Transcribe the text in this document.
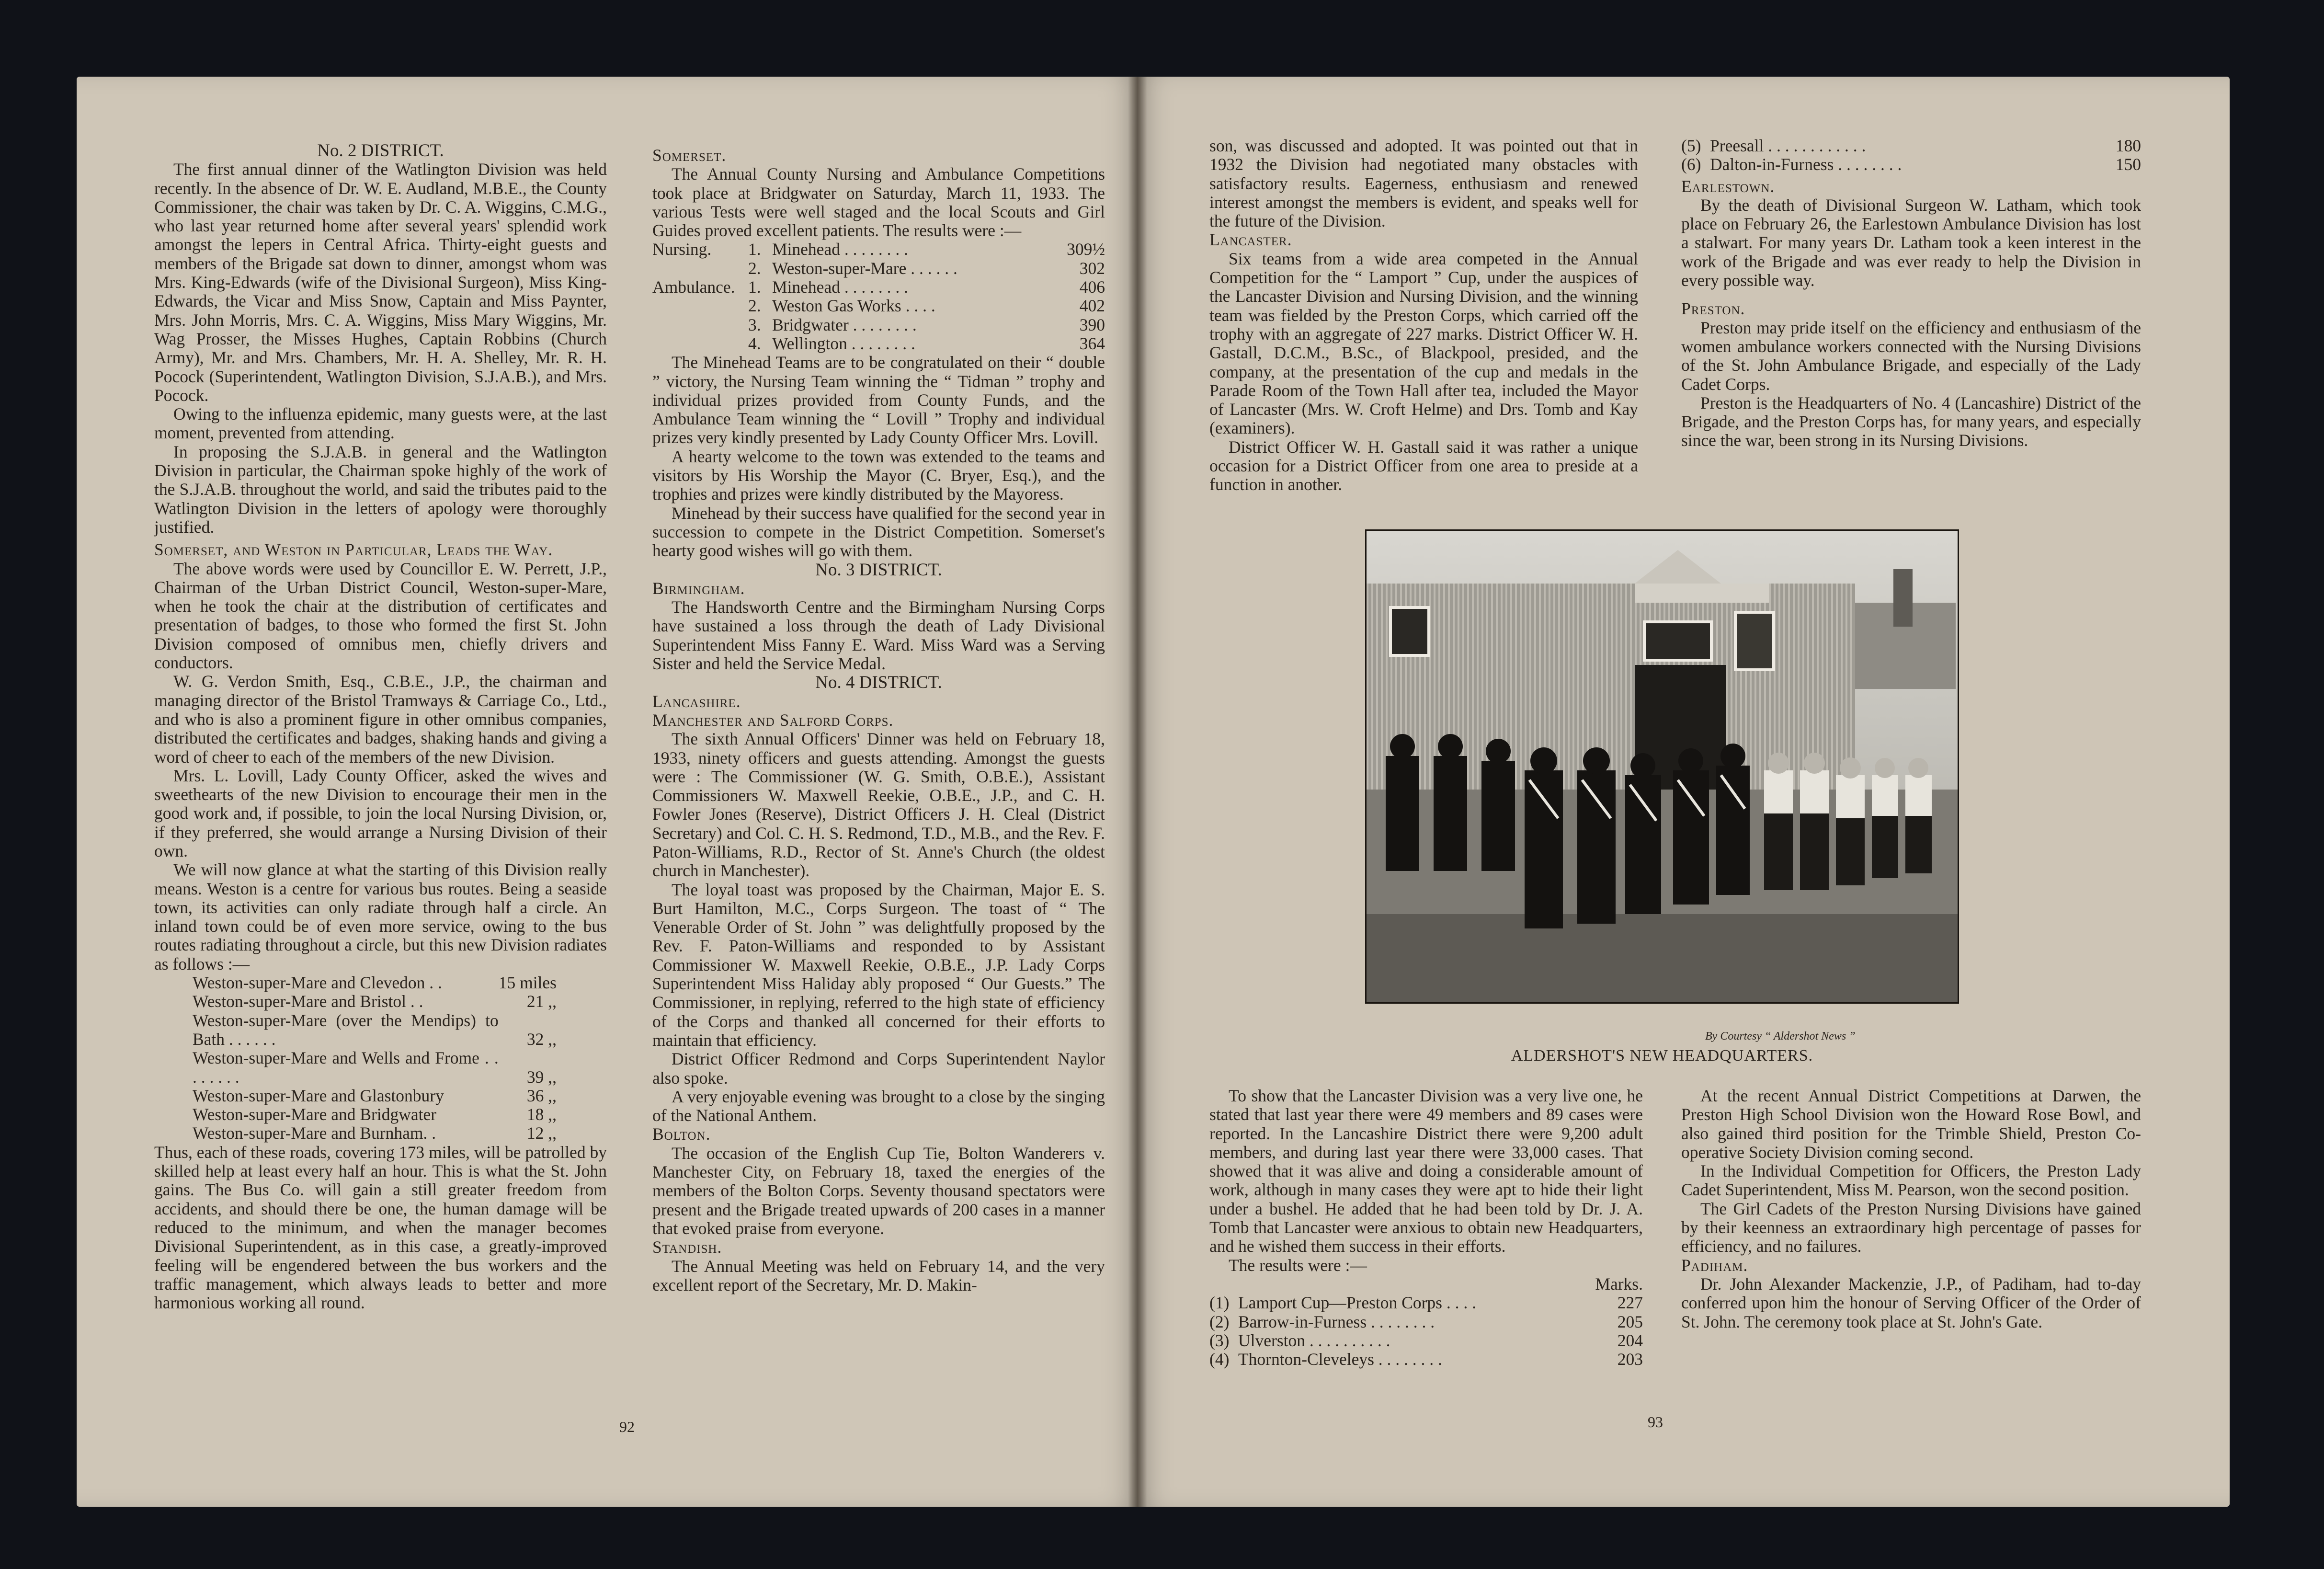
No. 2 DISTRICT.

The first annual dinner of the Watlington Division was held recently. In the absence of Dr. W. E. Audland, M.B.E., the County Commissioner, the chair was taken by Dr. C. A. Wiggins, C.M.G., who last year returned home after several years' splendid work amongst the lepers in Central Africa. Thirty-eight guests and members of the Brigade sat down to dinner, amongst whom was Mrs. King-Edwards (wife of the Divisional Surgeon), Miss King-Edwards, the Vicar and Miss Snow, Captain and Miss Paynter, Mrs. John Morris, Mrs. C. A. Wiggins, Miss Mary Wiggins, Mr. Wag Prosser, the Misses Hughes, Captain Robbins (Church Army), Mr. and Mrs. Chambers, Mr. H. A. Shelley, Mr. R. H. Pocock (Superintendent, Watlington Division, S.J.A.B.), and Mrs. Pocock.

Owing to the influenza epidemic, many guests were, at the last moment, prevented from attending.

In proposing the S.J.A.B. in general and the Watlington Division in particular, the Chairman spoke highly of the work of the S.J.A.B. throughout the world, and said the tributes paid to the Watlington Division in the letters of apology were thoroughly justified.

Somerset, and Weston in Particular, Leads the Way.

The above words were used by Councillor E. W. Perrett, J.P., Chairman of the Urban District Council, Weston-super-Mare, when he took the chair at the distribution of certificates and presentation of badges, to those who formed the first St. John Division composed of omnibus men, chiefly drivers and conductors.

W. G. Verdon Smith, Esq., C.B.E., J.P., the chairman and managing director of the Bristol Tramways & Carriage Co., Ltd., and who is also a prominent figure in other omnibus companies, distributed the certificates and badges, shaking hands and giving a word of cheer to each of the members of the new Division.

Mrs. L. Lovill, Lady County Officer, asked the wives and sweethearts of the new Division to encourage their men in the good work and, if possible, to join the local Nursing Division, or, if they preferred, she would arrange a Nursing Division of their own.

We will now glance at what the starting of this Division really means. Weston is a centre for various bus routes. Being a seaside town, its activities can only radiate through half a circle. An inland town could be of even more service, owing to the bus routes radiating throughout a circle, but this new Division radiates as follows :—

Weston-super-Mare and Clevedon . .	15 miles
Weston-super-Mare and Bristol . .	21 ,,
Weston-super-Mare (over the Mendips) to Bath . . . . . .	32 ,,
Weston-super-Mare and Wells and Frome . . . . . . . .	39 ,,
Weston-super-Mare and Glastonbury	36 ,,
Weston-super-Mare and Bridgwater	18 ,,
Weston-super-Mare and Burnham. .	12 ,,

Thus, each of these roads, covering 173 miles, will be patrolled by skilled help at least every half an hour. This is what the St. John gains. The Bus Co. will gain a still greater freedom from accidents, and should there be one, the human damage will be reduced to the minimum, and when the manager becomes Divisional Superintendent, as in this case, a greatly-improved feeling will be engendered between the bus workers and the traffic management, which always leads to better and more harmonious working all round.

Somerset.

The Annual County Nursing and Ambulance Competitions took place at Bridgwater on Saturday, March 11, 1933. The various Tests were well staged and the local Scouts and Girl Guides proved excellent patients. The results were :—

Nursing.	1.	Minehead . . . . . . . .	309½
	2.	Weston-super-Mare . . . . . .	302
Ambulance.	1.	Minehead . . . . . . . .	406
	2.	Weston Gas Works . . . .	402
	3.	Bridgwater . . . . . . . .	390
	4.	Wellington . . . . . . . .	364

The Minehead Teams are to be congratulated on their “ double ” victory, the Nursing Team winning the “ Tidman ” trophy and individual prizes provided from County Funds, and the Ambulance Team winning the “ Lovill ” Trophy and individual prizes very kindly presented by Lady County Officer Mrs. Lovill.

A hearty welcome to the town was extended to the teams and visitors by His Worship the Mayor (C. Bryer, Esq.), and the trophies and prizes were kindly distributed by the Mayoress.

Minehead by their success have qualified for the second year in succession to compete in the District Competition. Somerset's hearty good wishes will go with them.

No. 3 DISTRICT.

Birmingham.

The Handsworth Centre and the Birmingham Nursing Corps have sustained a loss through the death of Lady Divisional Superintendent Miss Fanny E. Ward. Miss Ward was a Serving Sister and held the Service Medal.

No. 4 DISTRICT.

Lancashire.

Manchester and Salford Corps.

The sixth Annual Officers' Dinner was held on February 18, 1933, ninety officers and guests attending. Amongst the guests were : The Commissioner (W. G. Smith, O.B.E.), Assistant Commissioners W. Maxwell Reekie, O.B.E., J.P., and C. H. Fowler Jones (Reserve), District Officers J. H. Cleal (District Secretary) and Col. C. H. S. Redmond, T.D., M.B., and the Rev. F. Paton-Williams, R.D., Rector of St. Anne's Church (the oldest church in Manchester).

The loyal toast was proposed by the Chairman, Major E. S. Burt Hamilton, M.C., Corps Surgeon. The toast of “ The Venerable Order of St. John ” was delightfully proposed by the Rev. F. Paton-Williams and responded to by Assistant Commissioner W. Maxwell Reekie, O.B.E., J.P. Lady Corps Superintendent Miss Haliday ably proposed “ Our Guests.” The Commissioner, in replying, referred to the high state of efficiency of the Corps and thanked all concerned for their efforts to maintain that efficiency.

District Officer Redmond and Corps Superintendent Naylor also spoke.

A very enjoyable evening was brought to a close by the singing of the National Anthem.

Bolton.

The occasion of the English Cup Tie, Bolton Wanderers v. Manchester City, on February 18, taxed the energies of the members of the Bolton Corps. Seventy thousand spectators were present and the Brigade treated upwards of 200 cases in a manner that evoked praise from everyone.

Standish.

The Annual Meeting was held on February 14, and the very excellent report of the Secretary, Mr. D. Makin-

92

son, was discussed and adopted. It was pointed out that in 1932 the Division had negotiated many obstacles with satisfactory results. Eagerness, enthusiasm and renewed interest amongst the members is evident, and speaks well for the future of the Division.

Lancaster.

Six teams from a wide area competed in the Annual Competition for the “ Lamport ” Cup, under the auspices of the Lancaster Division and Nursing Division, and the winning team was fielded by the Preston Corps, which carried off the trophy with an aggregate of 227 marks. District Officer W. H. Gastall, D.C.M., B.Sc., of Blackpool, presided, and the company, at the presentation of the cup and medals in the Parade Room of the Town Hall after tea, included the Mayor of Lancaster (Mrs. W. Croft Helme) and Drs. Tomb and Kay (examiners).

District Officer W. H. Gastall said it was rather a unique occasion for a District Officer from one area to preside at a function in another.

(5)	Preesall . . . . . . . . . . . .	180
(6)	Dalton-in-Furness . . . . . . . .	150

Earlestown.

By the death of Divisional Surgeon W. Latham, which took place on February 26, the Earlestown Ambulance Division has lost a stalwart. For many years Dr. Latham took a keen interest in the work of the Brigade and was ever ready to help the Division in every possible way.

Preston.

Preston may pride itself on the efficiency and enthusiasm of the women ambulance workers connected with the Nursing Divisions of the St. John Ambulance Brigade, and especially of the Lady Cadet Corps.

Preston is the Headquarters of No. 4 (Lancashire) District of the Brigade, and the Preston Corps has, for many years, and especially since the war, been strong in its Nursing Divisions.

By Courtesy “ Aldershot News ”
ALDERSHOT'S NEW HEADQUARTERS.

To show that the Lancaster Division was a very live one, he stated that last year there were 49 members and 89 cases were reported. In the Lancashire District there were 9,200 adult members, and during last year there were 33,000 cases. That showed that it was alive and doing a considerable amount of work, although in many cases they were apt to hide their light under a bushel. He added that he had been told by Dr. J. A. Tomb that Lancaster were anxious to obtain new Headquarters, and he wished them success in their efforts.

The results were :—

		Marks.
(1)	Lamport Cup—Preston Corps . . . .	227
(2)	Barrow-in-Furness . . . . . . . .	205
(3)	Ulverston . . . . . . . . . .	204
(4)	Thornton-Cleveleys . . . . . . . .	203

At the recent Annual District Competitions at Darwen, the Preston High School Division won the Howard Rose Bowl, and also gained third position for the Trimble Shield, Preston Co-operative Society Division coming second.

In the Individual Competition for Officers, the Preston Lady Cadet Superintendent, Miss M. Pearson, won the second position.

The Girl Cadets of the Preston Nursing Divisions have gained by their keenness an extraordinary high percentage of passes for efficiency, and no failures.

Padiham.

Dr. John Alexander Mackenzie, J.P., of Padiham, had to-day conferred upon him the honour of Serving Officer of the Order of St. John. The ceremony took place at St. John's Gate.

93
